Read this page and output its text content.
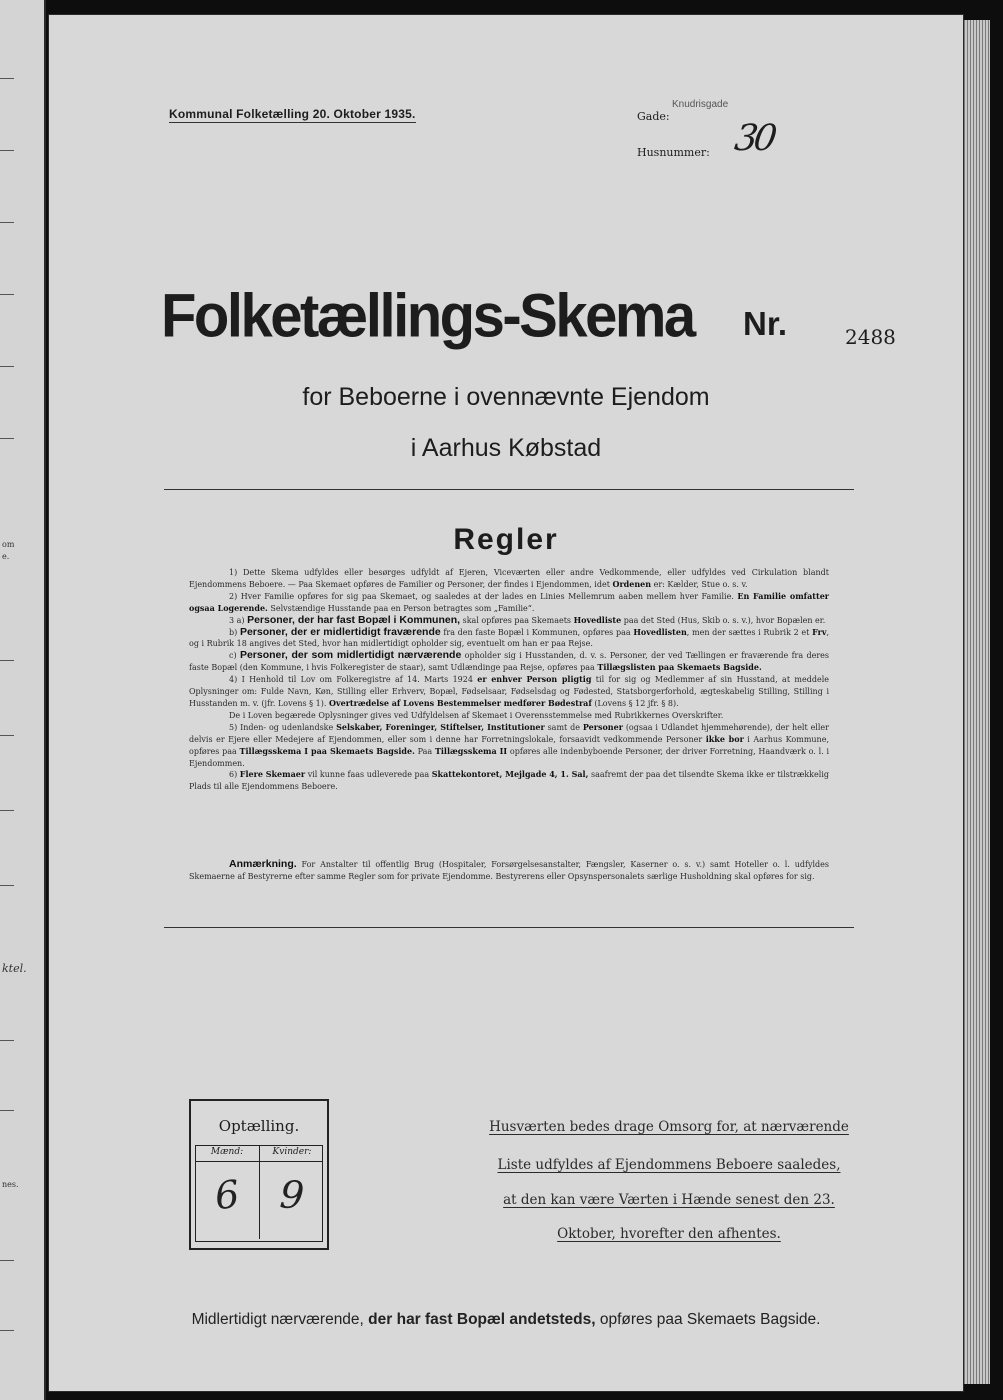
om
e.
ktel.
nes.
Kommunal Folketælling 20. Oktober 1935.	Gade:
Knudrisgade
Husnummer: 30
Folketællings-Skema Nr.	2488
for Beboerne i ovennævnte Ejendom
i Aarhus Købstad
Regler

1) Dette Skema udfyldes eller besørges udfyldt af Ejeren, Viceværten eller andre Vedkommende, eller udfyldes ved Cirkulation blandt Ejendommens Beboere. — Paa Skemaet opføres de Familier og Personer, der findes i Ejendommen, idet Ordenen er: Kælder, Stue o. s. v.

2) Hver Familie opføres for sig paa Skemaet, og saaledes at der lades en Linies Mellemrum aaben mellem hver Familie. En Familie omfatter ogsaa Logerende. Selvstændige Husstande paa en Person betragtes som „Familie“.

3 a) Personer, der har fast Bopæl i Kommunen, skal opføres paa Skemaets Hovedliste paa det Sted (Hus, Skib o. s. v.), hvor Bopælen er.

b) Personer, der er midlertidigt fraværende fra den faste Bopæl i Kommunen, opføres paa Hovedlisten, men der sættes i Rubrik 2 et Frv, og i Rubrik 18 angives det Sted, hvor han midlertidigt opholder sig, eventuelt om han er paa Rejse.

c) Personer, der som midlertidigt nærværende opholder sig i Husstanden, d. v. s. Personer, der ved Tællingen er fraværende fra deres faste Bopæl (den Kommune, i hvis Folkeregister de staar), samt Udlændinge paa Rejse, opføres paa Tillægslisten paa Skemaets Bagside.

4) I Henhold til Lov om Folkeregistre af 14. Marts 1924 er enhver Person pligtig til for sig og Medlemmer af sin Husstand, at meddele Oplysninger om: Fulde Navn, Køn, Stilling eller Erhverv, Bopæl, Fødselsaar, Fødselsdag og Fødested, Statsborgerforhold, ægteskabelig Stilling, Stilling i Husstanden m. v. (jfr. Lovens § 1). Overtrædelse af Lovens Bestemmelser medfører Bødestraf (Lovens § 12 jfr. § 8).

De i Loven begærede Oplysninger gives ved Udfyldelsen af Skemaet i Overensstemmelse med Rubrikkernes Overskrifter.

5) Inden- og udenlandske Selskaber, Foreninger, Stiftelser, Institutioner samt de Personer (ogsaa i Udlandet hjemmehørende), der helt eller delvis er Ejere eller Medejere af Ejendommen, eller som i denne har Forretningslokale, forsaavidt vedkommende Personer ikke bor i Aarhus Kommune, opføres paa Tillægsskema I paa Skemaets Bagside. Paa Tillægsskema II opføres alle indenbyboende Personer, der driver Forretning, Haandværk o. l. i Ejendommen.

6) Flere Skemaer vil kunne faas udleverede paa Skattekontoret, Mejlgade 4, 1. Sal, saafremt der paa det tilsendte Skema ikke er tilstrækkelig Plads til alle Ejendommens Beboere.

Anmærkning. For Anstalter til offentlig Brug (Hospitaler, Forsørgelsesanstalter, Fængsler, Kaserner o. s. v.) samt Hoteller o. l. udfyldes Skemaerne af Bestyrerne efter samme Regler som for private Ejendomme. Bestyrerens eller Opsynspersonalets særlige Husholdning skal opføres for sig.
Optælling.
Mænd:	Kvinder:
6 9
Husværten bedes drage Omsorg for, at nærværende
Liste udfyldes af Ejendommens Beboere saaledes,
at den kan være Værten i Hænde senest den 23.
Oktober, hvorefter den afhentes.
Midlertidigt nærværende, der har fast Bopæl andetsteds, opføres paa Skemaets Bagside.
